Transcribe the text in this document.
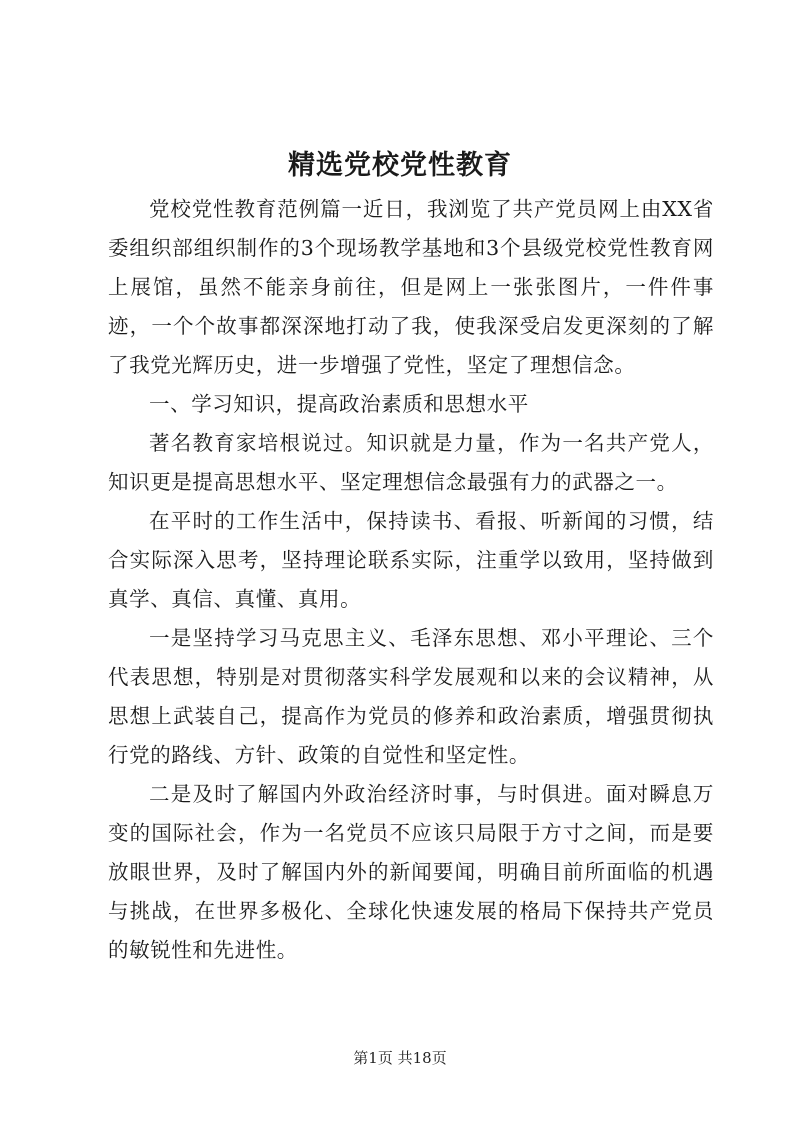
精选党校党性教育

党校党性教育范例篇一近日，我浏览了共产党员网上由XX省委组织部组织制作的3个现场教学基地和3个县级党校党性教育网上展馆，虽然不能亲身前往，但是网上一张张图片，一件件事迹，一个个故事都深深地打动了我，使我深受启发更深刻的了解了我党光辉历史，进一步增强了党性，坚定了理想信念。

一、学习知识，提高政治素质和思想水平

著名教育家培根说过。知识就是力量，作为一名共产党人，知识更是提高思想水平、坚定理想信念最强有力的武器之一。

在平时的工作生活中，保持读书、看报、听新闻的习惯，结合实际深入思考，坚持理论联系实际，注重学以致用，坚持做到真学、真信、真懂、真用。

一是坚持学习马克思主义、毛泽东思想、邓小平理论、三个代表思想，特别是对贯彻落实科学发展观和以来的会议精神，从思想上武装自己，提高作为党员的修养和政治素质，增强贯彻执行党的路线、方针、政策的自觉性和坚定性。

二是及时了解国内外政治经济时事，与时俱进。面对瞬息万变的国际社会，作为一名党员不应该只局限于方寸之间，而是要放眼世界，及时了解国内外的新闻要闻，明确目前所面临的机遇与挑战，在世界多极化、全球化快速发展的格局下保持共产党员的敏锐性和先进性。

第1页 共18页
